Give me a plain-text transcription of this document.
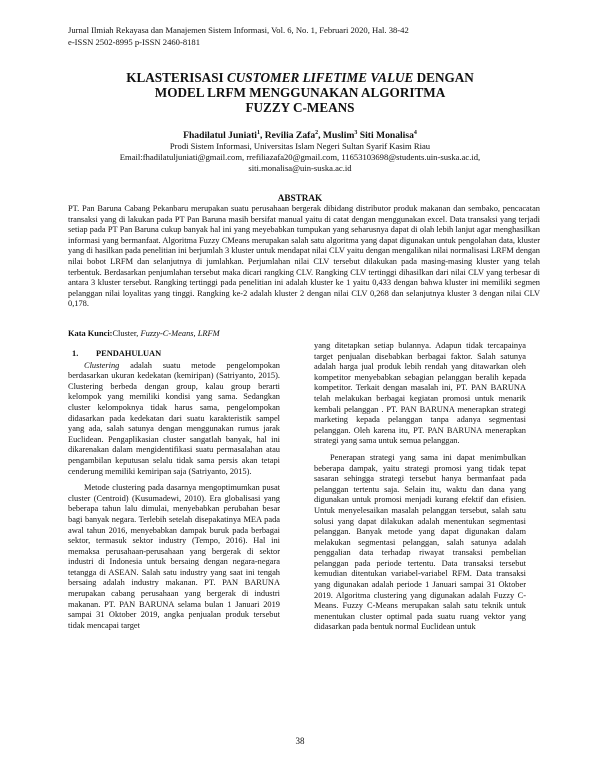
Jurnal Ilmiah Rekayasa dan Manajemen Sistem Informasi, Vol. 6, No. 1, Februari 2020, Hal. 38-42
e-ISSN 2502-8995 p-ISSN 2460-8181
KLASTERISASI CUSTOMER LIFETIME VALUE DENGAN
MODEL LRFM MENGGUNAKAN ALGORITMA
FUZZY C-MEANS
Fhadilatul Juniati$^1$, Revilia Zafa$^2$, Muslim$^3$ Siti Monalisa$^4$
Prodi Sistem Informasi, Universitas Islam Negeri Sultan Syarif Kasim Riau
Email:fhadilatuljuniati@gmail.com, rrefiliazafa20@gmail.com, 11653103698@students.uin-suska.ac.id,
siti.monalisa@uin-suska.ac.id
ABSTRAK
PT. Pan Baruna Cabang Pekanbaru merupakan suatu perusahaan bergerak dibidang distributor produk makanan dan sembako, pencacatan transaksi yang di lakukan pada PT Pan Baruna masih bersifat manual yaitu di catat dengan menggunakan excel. Data transaksi yang terjadi setiap pada PT Pan Baruna cukup banyak hal ini yang meyebabkan tumpukan yang seharusnya dapat di olah lebih lanjut agar menghasilkan informasi yang bermanfaat. Algoritma Fuzzy CMeans merupakan salah satu algoritma yang dapat digunakan untuk pengolahan data, kluster yang di hasilkan pada penelitian ini berjumlah 3 kluster untuk mendapat nilai CLV yaitu dengan mengalikan nilai normalisasi LRFM dengan nilai bobot LRFM dan selanjutnya di jumlahkan. Perjumlahan nilai CLV tersebut dilakukan pada masing-masing kluster yang telah terbentuk. Berdasarkan penjumlahan tersebut maka dicari rangking CLV. Rangking CLV tertinggi dihasilkan dari nilai CLV yang terbesar di antara 3 kluster tersebut. Rangking tertinggi pada penelitian ini adalah kluster ke 1 yaitu 0,433 dengan bahwa kluster ini memiliki segmen pelanggan nilai loyalitas yang tinggi. Rangking ke-2 adalah kluster 2 dengan nilai CLV 0,268 dan selanjutnya kluster 3 dengan nilai CLV 0,178.
Kata Kunci:Cluster, Fuzzy-C-Means, LRFM
1. PENDAHULUAN

Clustering adalah suatu metode pengelompokan berdasarkan ukuran kedekatan (kemiripan) (Satriyanto, 2015). Clustering berbeda dengan group, kalau group berarti kelompok yang memiliki kondisi yang sama. Sedangkan cluster kelompoknya tidak harus sama, pengelompokan didasarkan pada kedekatan dari suatu karakteristik sampel yang ada, salah satunya dengan menggunakan rumus jarak Euclidean. Pengaplikasian cluster sangatlah banyak, hal ini dikarenakan dalam mengidentifikasi suatu permasalahan atau pengambilan keputusan selalu tidak sama persis akan tetapi cenderung memiliki kemiripan saja (Satriyanto, 2015).

Metode clustering pada dasarnya mengoptimumkan pusat cluster (Centroid) (Kusumadewi, 2010). Era globalisasi yang beberapa tahun lalu dimulai, menyebabkan perubahan besar bagi banyak negara. Terlebih setelah disepakatinya MEA pada awal tahun 2016, menyebabkan dampak buruk pada berbagai sektor, termasuk sektor industry (Tempo, 2016). Hal ini memaksa perusahaan-perusahaan yang bergerak di sektor industri di Indonesia untuk bersaing dengan negara-negara tetangga di ASEAN. Salah satu industry yang saat ini tengah bersaing adalah industry makanan. PT. PAN BARUNA merupakan cabang perusahaan yang bergerak di industri makanan. PT. PAN BARUNA selama bulan 1 Januari 2019 sampai 31 Oktober 2019, angka penjualan produk tersebut tidak mencapai target

yang ditetapkan setiap bulannya. Adapun tidak tercapainya target penjualan disebabkan berbagai faktor. Salah satunya adalah harga jual produk lebih rendah yang ditawarkan oleh kompetitor menyebabkan sebagian pelanggan beralih kepada kompetitor. Terkait dengan masalah ini, PT. PAN BARUNA telah melakukan berbagai kegiatan promosi untuk menarik kembali pelanggan . PT. PAN BARUNA menerapkan strategi marketing kepada pelanggan tanpa adanya segmentasi pelanggan. Oleh karena itu, PT. PAN BARUNA menerapkan strategi yang sama untuk semua pelanggan.

Penerapan strategi yang sama ini dapat menimbulkan beberapa dampak, yaitu strategi promosi yang tidak tepat sasaran sehingga strategi tersebut hanya bermanfaat pada pelanggan tertentu saja. Selain itu, waktu dan dana yang digunakan untuk promosi menjadi kurang efektif dan efisien. Untuk menyelesaikan masalah pelanggan tersebut, salah satu solusi yang dapat dilakukan adalah menentukan segmentasi pelanggan. Banyak metode yang dapat digunakan dalam melakukan segmentasi pelanggan, salah satunya adalah penggalian data terhadap riwayat transaksi pembelian pelanggan pada periode tertentu. Data transaksi tersebut kemudian ditentukan variabel-variabel RFM. Data transaksi yang digunakan adalah periode 1 Januari sampai 31 Oktober 2019. Algoritma clustering yang digunakan adalah Fuzzy C-Means. Fuzzy C-Means merupakan salah satu teknik untuk menentukan cluster optimal pada suatu ruang vektor yang didasarkan pada bentuk normal Euclidean untuk

38
